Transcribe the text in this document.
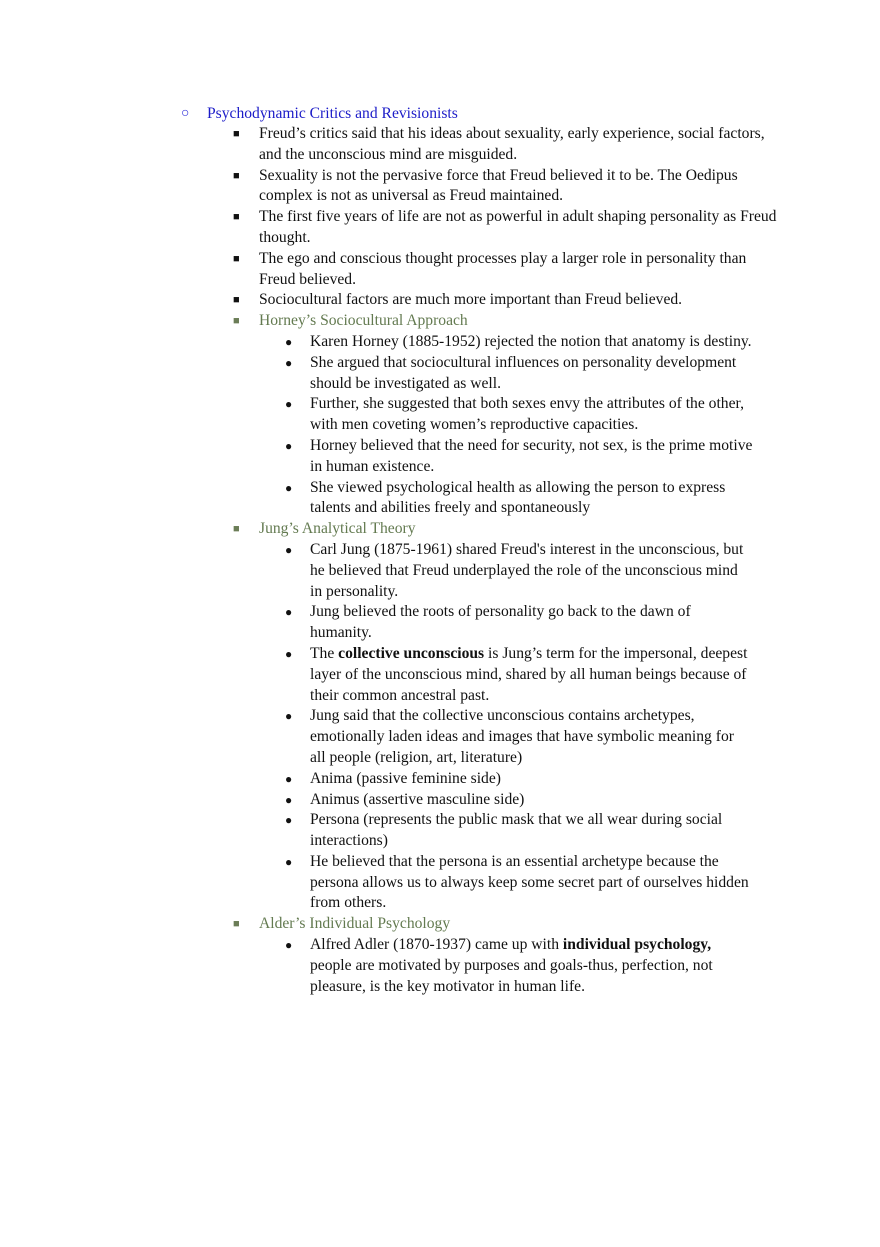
○	Psychodynamic Critics and Revisionists
■ Freud’s critics said that his ideas about sexuality, early experience, social factors, and the unconscious mind are misguided.
■ Sexuality is not the pervasive force that Freud believed it to be. The Oedipus complex is not as universal as Freud maintained.
■ The first five years of life are not as powerful in adult shaping personality as Freud thought.
■ The ego and conscious thought processes play a larger role in personality than Freud believed.
■ Sociocultural factors are much more important than Freud believed.
■ Horney’s Sociocultural Approach
● Karen Horney (1885-1952) rejected the notion that anatomy is destiny.
● She argued that sociocultural influences on personality development should be investigated as well.
● Further, she suggested that both sexes envy the attributes of the other, with men coveting women’s reproductive capacities.
● Horney believed that the need for security, not sex, is the prime motive in human existence.
● She viewed psychological health as allowing the person to express talents and abilities freely and spontaneously
■ Jung’s Analytical Theory
● Carl Jung (1875-1961) shared Freud's interest in the unconscious, but he believed that Freud underplayed the role of the unconscious mind in personality.
● Jung believed the roots of personality go back to the dawn of humanity.
● The collective unconscious is Jung’s term for the impersonal, deepest layer of the unconscious mind, shared by all human beings because of their common ancestral past.
● Jung said that the collective unconscious contains archetypes, emotionally laden ideas and images that have symbolic meaning for all people (religion, art, literature)
● Anima (passive feminine side)
● Animus (assertive masculine side)
● Persona (represents the public mask that we all wear during social interactions)
● He believed that the persona is an essential archetype because the persona allows us to always keep some secret part of ourselves hidden from others.
■ Alder’s Individual Psychology
● Alfred Adler (1870-1937) came up with individual psychology, people are motivated by purposes and goals-thus, perfection, not pleasure, is the key motivator in human life.
